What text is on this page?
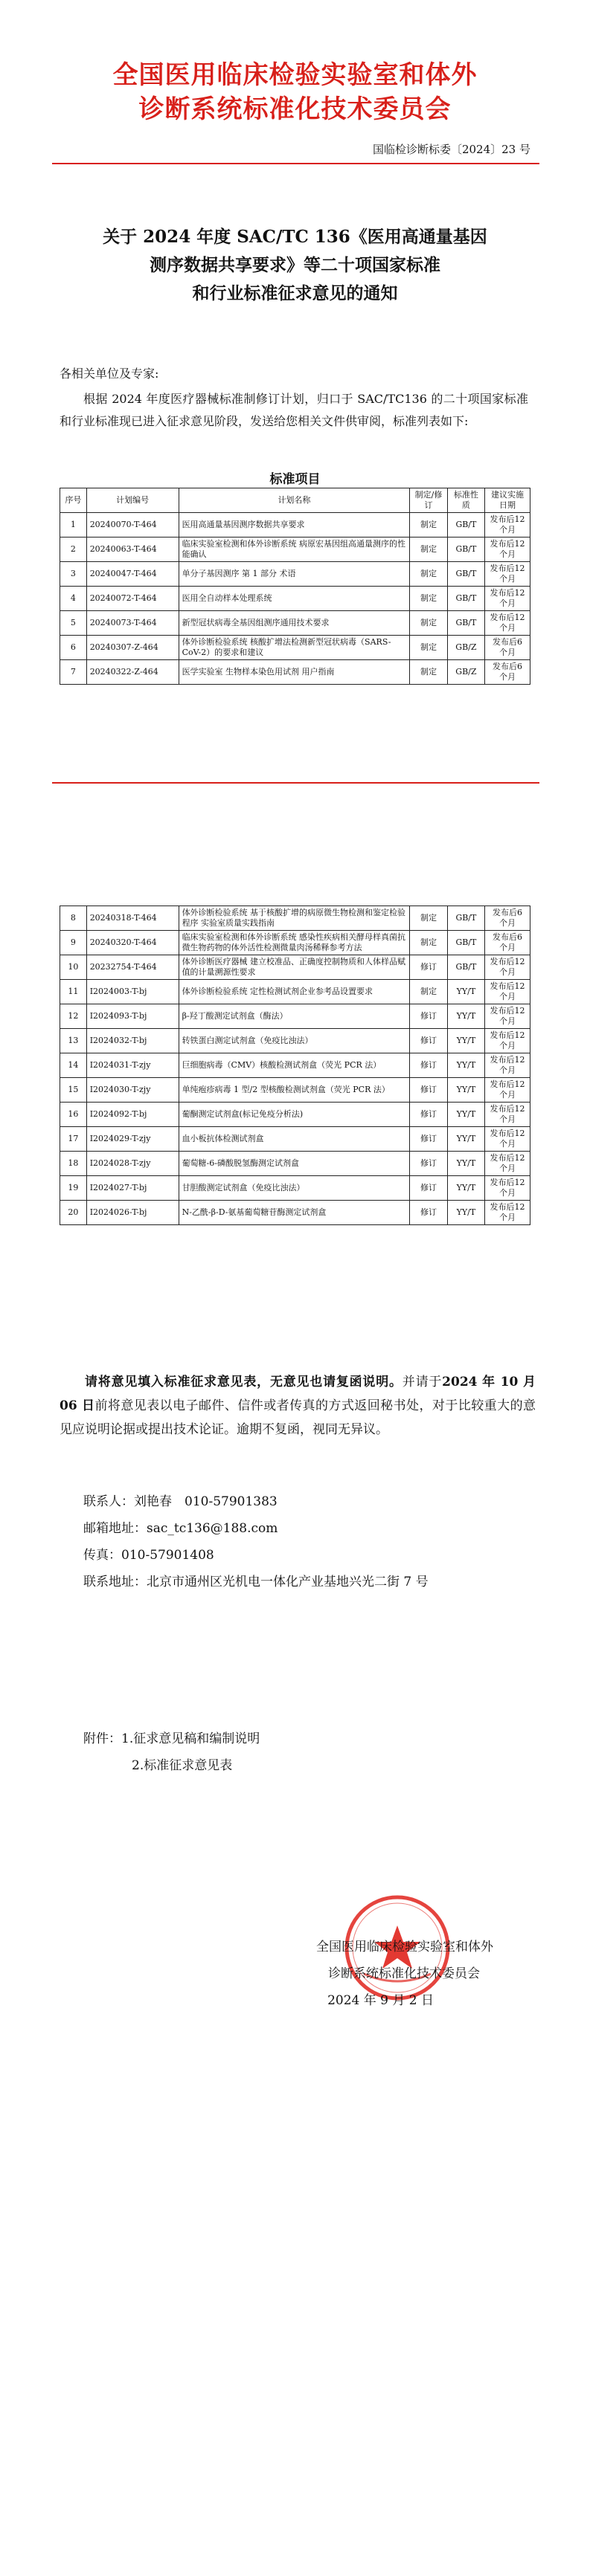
全国医用临床检验实验室和体外
诊断系统标准化技术委员会
国临检诊断标委〔2024〕23 号
关于 2024 年度 SAC/TC 136《医用高通量基因
测序数据共享要求》等二十项国家标准
和行业标准征求意见的通知
各相关单位及专家:
根据 2024 年度医疗器械标准制修订计划，归口于 SAC/TC136 的二十项国家标准和行业标准现已进入征求意见阶段，发送给您相关文件供审阅，标准列表如下:
标准项目
序号	计划编号	计划名称	制定/修订	标准性质	建议实施日期
1	20240070-T-464	医用高通量基因测序数据共享要求	制定	GB/T	发布后12 个月
2	20240063-T-464	临床实验室检测和体外诊断系统 病原宏基因组高通量测序的性能确认	制定	GB/T	发布后12 个月
3	20240047-T-464	单分子基因测序 第 1 部分 术语	制定	GB/T	发布后12 个月
4	20240072-T-464	医用全自动样本处理系统	制定	GB/T	发布后12 个月
5	20240073-T-464	新型冠状病毒全基因组测序通用技术要求	制定	GB/T	发布后12 个月
6	20240307-Z-464	体外诊断检验系统 核酸扩增法检测新型冠状病毒（SARS-CoV-2）的要求和建议	制定	GB/Z	发布后6 个月
7	20240322-Z-464	医学实验室 生物样本染色用试剂 用户指南	制定	GB/Z	发布后6 个月
8	20240318-T-464	体外诊断检验系统 基于核酸扩增的病原微生物检测和鉴定检验程序 实验室质量实践指南	制定	GB/T	发布后6 个月
9	20240320-T-464	临床实验室检测和体外诊断系统 感染性疾病相关酵母样真菌抗微生物药物的体外活性检测微量肉汤稀释参考方法	制定	GB/T	发布后6 个月
10	20232754-T-464	体外诊断医疗器械 建立校准品、正确度控制物质和人体样品赋值的计量溯源性要求	修订	GB/T	发布后12 个月
11	I2024003-T-bj	体外诊断检验系统 定性检测试剂企业参考品设置要求	制定	YY/T	发布后12 个月
12	I2024093-T-bj	β-羟丁酸测定试剂盒（酶法）	修订	YY/T	发布后12 个月
13	I2024032-T-bj	转铁蛋白测定试剂盒（免疫比浊法）	修订	YY/T	发布后12 个月
14	I2024031-T-zjy	巨细胞病毒（CMV）核酸检测试剂盒（荧光 PCR 法）	修订	YY/T	发布后12 个月
15	I2024030-T-zjy	单纯疱疹病毒 1 型/2 型核酸检测试剂盒（荧光 PCR 法）	修订	YY/T	发布后12 个月
16	I2024092-T-bj	葡酮测定试剂盒(标记免疫分析法)	修订	YY/T	发布后12 个月
17	I2024029-T-zjy	血小板抗体检测试剂盒	修订	YY/T	发布后12 个月
18	I2024028-T-zjy	葡萄糖-6-磷酸脱氢酶测定试剂盒	修订	YY/T	发布后12 个月
19	I2024027-T-bj	甘胆酸测定试剂盒（免疫比浊法）	修订	YY/T	发布后12 个月
20	I2024026-T-bj	N-乙酰-β-D-氨基葡萄糖苷酶测定试剂盒	修订	YY/T	发布后12 个月
请将意见填入标准征求意见表，无意见也请复函说明。并请于2024 年 10 月 06 日前将意见表以电子邮件、信件或者传真的方式返回秘书处，对于比较重大的意见应说明论据或提出技术论证。逾期不复函，视同无异议。
联系人：刘艳春　010-57901383
邮箱地址：sac_tc136@188.com
传真：010-57901408
联系地址：北京市通州区光机电一体化产业基地兴光二街 7 号
附件：1.征求意见稿和编制说明
2.标准征求意见表
全国医用临床检验实验室和体外
诊断系统标准化技术委员会
2024 年 9 月 2 日
